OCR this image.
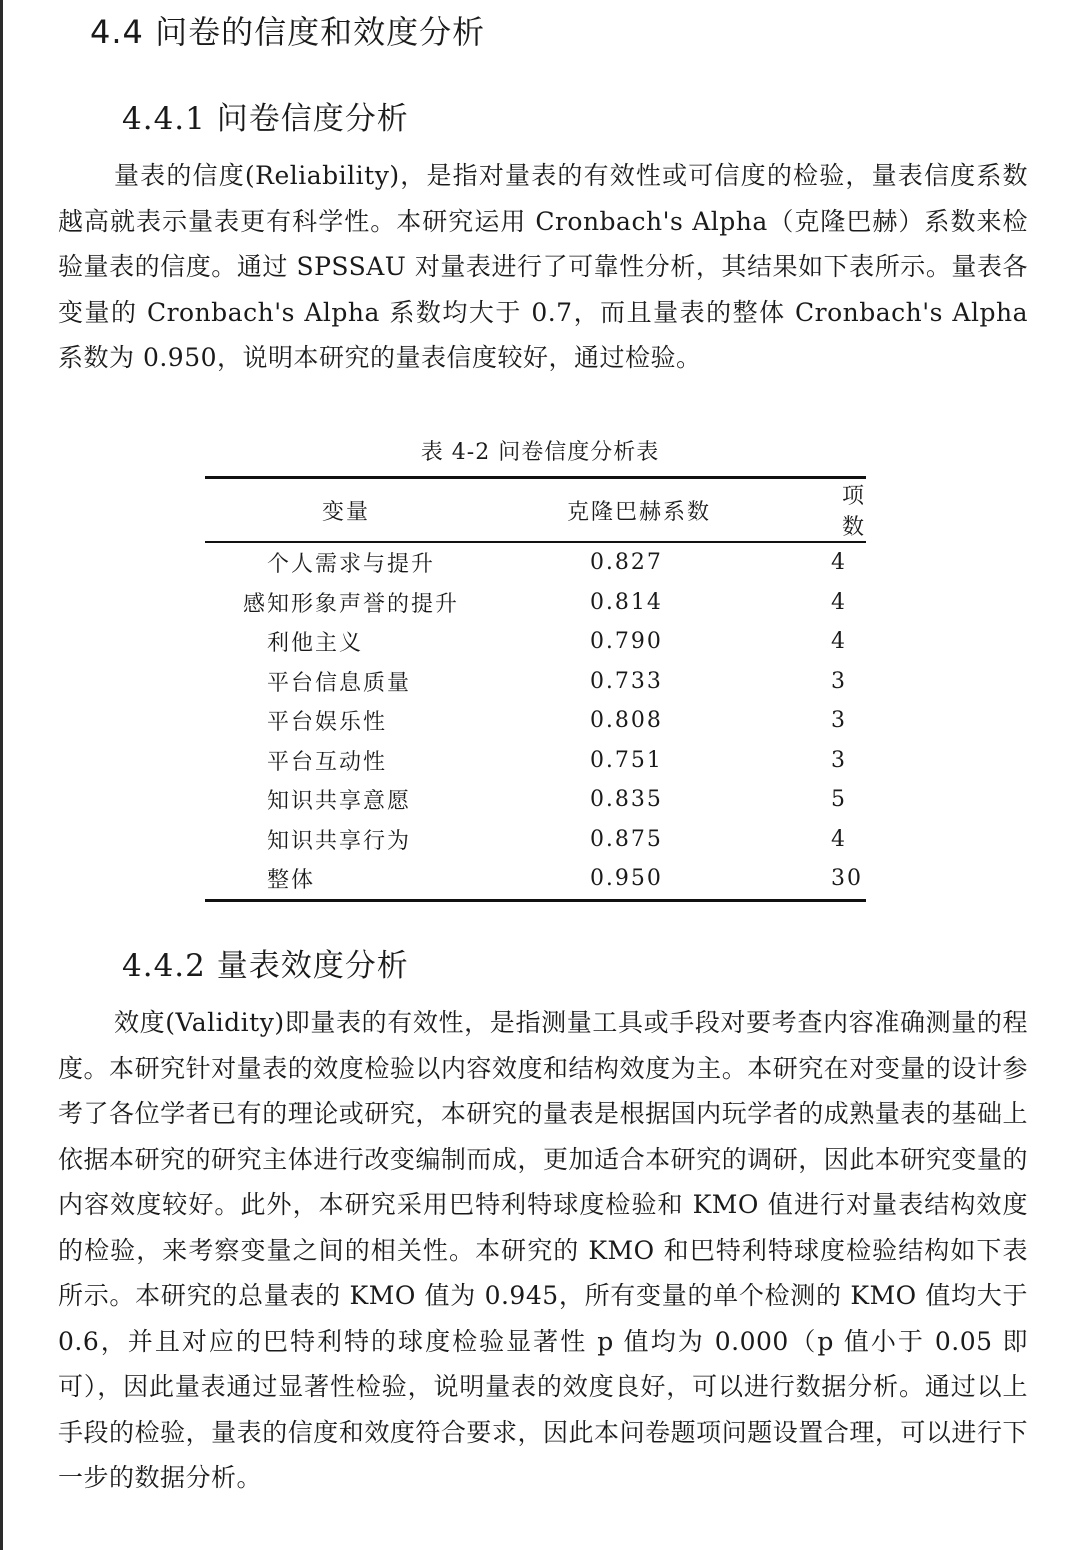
4.4 问卷的信度和效度分析
4.4.1 问卷信度分析

量表的信度(Reliability)，是指对量表的有效性或可信度的检验，量表信度系数越高就表示量表更有科学性。本研究运用 Cronbach's Alpha（克隆巴赫）系数来检验量表的信度。通过 SPSSAU 对量表进行了可靠性分析，其结果如下表所示。量表各变量的 Cronbach's Alpha 系数均大于 0.7，而且量表的整体 Cronbach's Alpha 系数为 0.950，说明本研究的量表信度较好，通过检验。

表 4-2 问卷信度分析表
变量	克隆巴赫系数	项数
个人需求与提升	0.827	4
感知形象声誉的提升	0.814	4
利他主义	0.790	4
平台信息质量	0.733	3
平台娱乐性	0.808	3
平台互动性	0.751	3
知识共享意愿	0.835	5
知识共享行为	0.875	4
整体	0.950	30
4.4.2 量表效度分析

效度(Validity)即量表的有效性，是指测量工具或手段对要考查内容准确测量的程度。本研究针对量表的效度检验以内容效度和结构效度为主。本研究在对变量的设计参考了各位学者已有的理论或研究，本研究的量表是根据国内玩学者的成熟量表的基础上依据本研究的研究主体进行改变编制而成，更加适合本研究的调研，因此本研究变量的内容效度较好。此外，本研究采用巴特利特球度检验和 KMO 值进行对量表结构效度的检验，来考察变量之间的相关性。本研究的 KMO 和巴特利特球度检验结构如下表所示。本研究的总量表的 KMO 值为 0.945，所有变量的单个检测的 KMO 值均大于 0.6，并且对应的巴特利特的球度检验显著性 p 值均为 0.000（p 值小于 0.05 即可），因此量表通过显著性检验，说明量表的效度良好，可以进行数据分析。通过以上手段的检验，量表的信度和效度符合要求，因此本问卷题项问题设置合理，可以进行下一步的数据分析。
